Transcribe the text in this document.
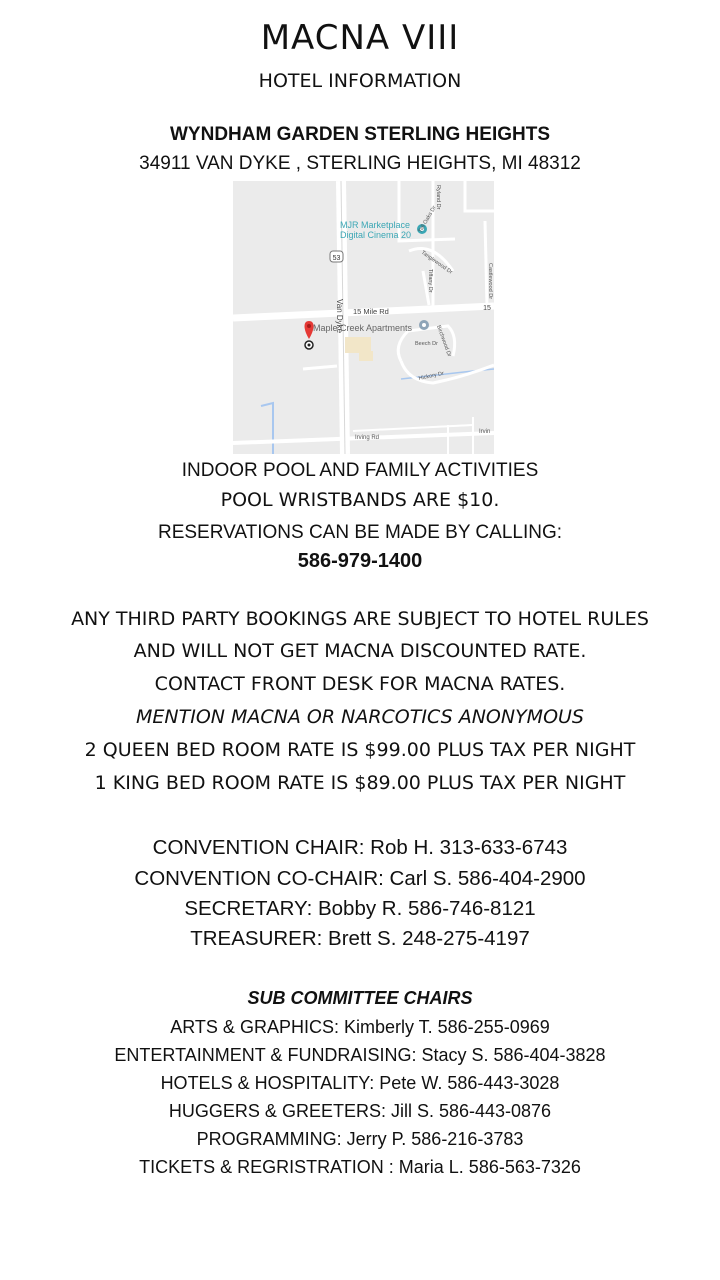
MACNA VIII
HOTEL INFORMATION
WYNDHAM GARDEN STERLING HEIGHTS
34911 VAN DYKE , STERLING HEIGHTS, MI 48312
53
15
MJR Marketplace
Digital Cinema 20
Maple Creek Apartments
15 Mile Rd
Van Dyke
Irving Rd
Irvin
Tall Oaks Dr
Tanglewood Dr
Tiffany Dr
Beech Dr
Hickory Dr
Birchwood Dr
Castlewood Dr
Ryland Dr
INDOOR POOL AND FAMILY ACTIVITIES
POOL WRISTBANDS ARE $10.
RESERVATIONS CAN BE MADE BY CALLING:
586-979-1400
ANY THIRD PARTY BOOKINGS ARE SUBJECT TO HOTEL RULES
AND WILL NOT GET MACNA DISCOUNTED RATE.
CONTACT FRONT DESK FOR MACNA RATES.
MENTION MACNA OR NARCOTICS ANONYMOUS
2 QUEEN BED ROOM RATE IS $99.00 PLUS TAX PER NIGHT
1 KING BED ROOM RATE IS $89.00 PLUS TAX PER NIGHT
CONVENTION CHAIR: Rob H. 313-633-6743
CONVENTION CO-CHAIR: Carl S. 586-404-2900
SECRETARY: Bobby R. 586-746-8121
TREASURER: Brett S. 248-275-4197
SUB COMMITTEE CHAIRS
ARTS & GRAPHICS: Kimberly T. 586-255-0969
ENTERTAINMENT & FUNDRAISING: Stacy S. 586-404-3828
HOTELS & HOSPITALITY: Pete W. 586-443-3028
HUGGERS & GREETERS: Jill S. 586-443-0876
PROGRAMMING: Jerry P. 586-216-3783
TICKETS & REGRISTRATION : Maria L. 586-563-7326
